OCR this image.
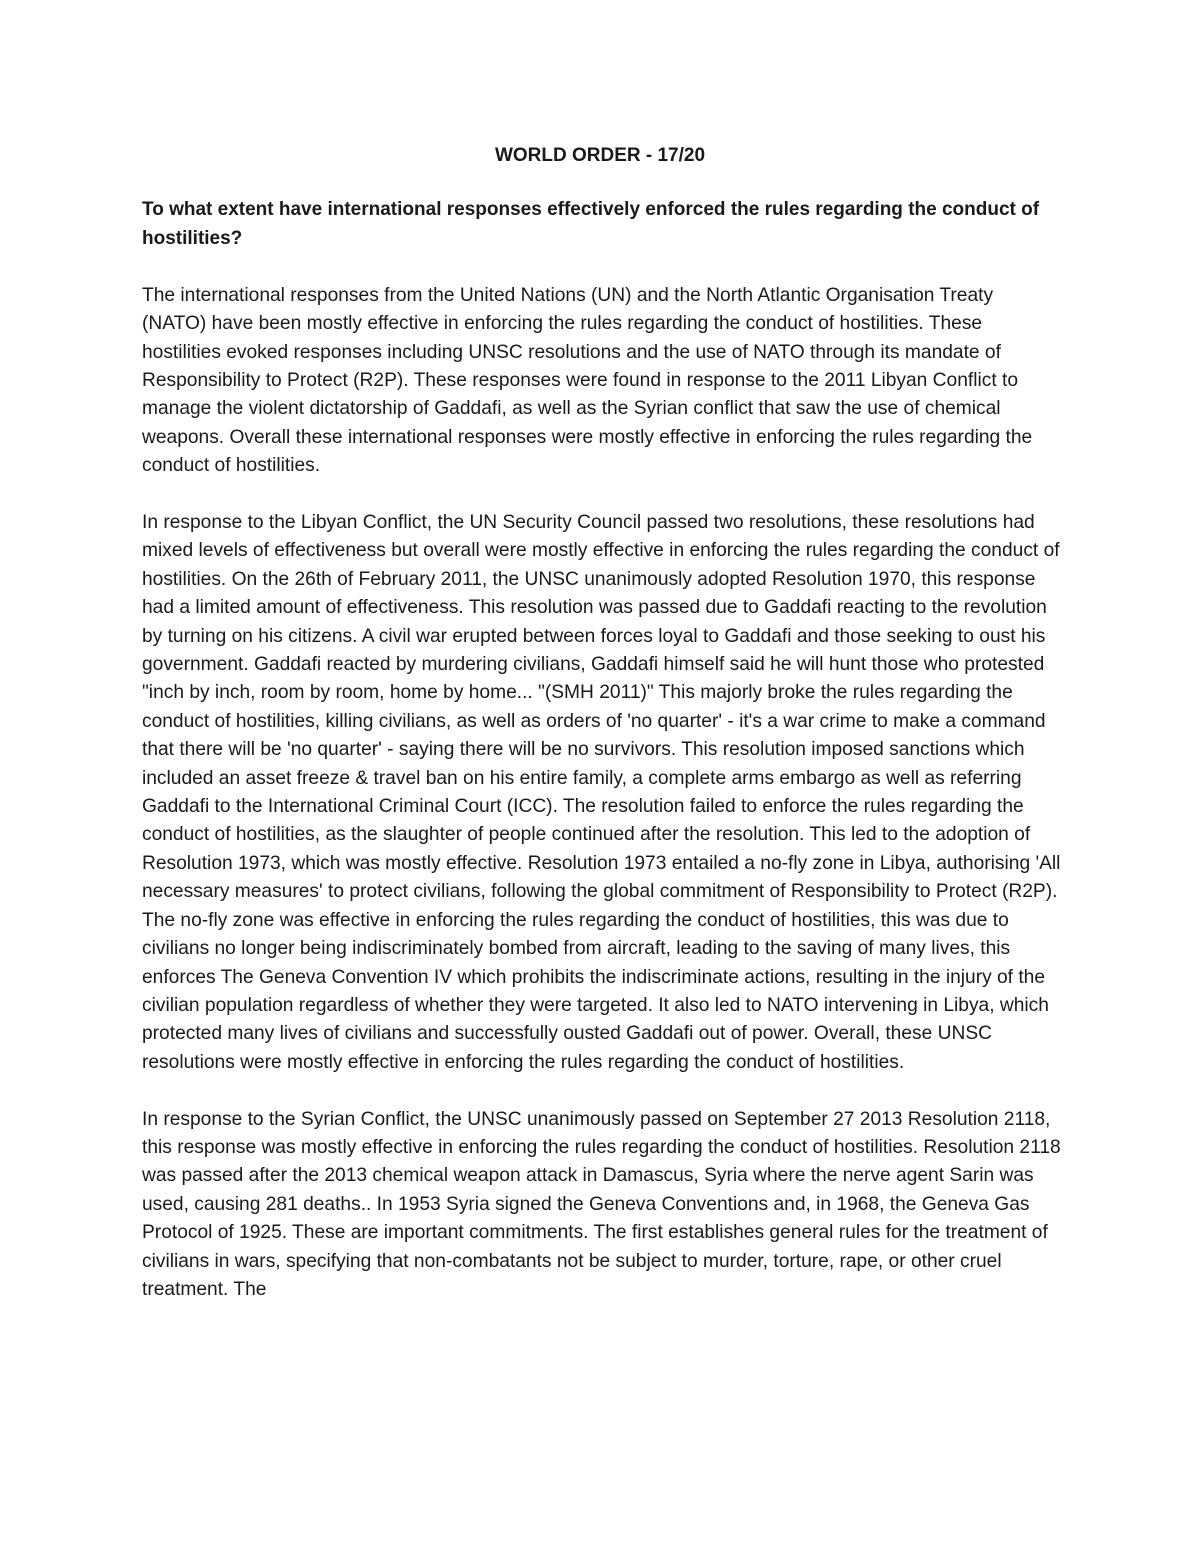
WORLD ORDER - 17/20

To what extent have international responses effectively enforced the rules regarding the conduct of hostilities?

The international responses from the United Nations (UN) and the North Atlantic Organisation Treaty (NATO) have been mostly effective in enforcing the rules regarding the conduct of hostilities. These hostilities evoked responses including UNSC resolutions and the use of NATO through its mandate of Responsibility to Protect (R2P). These responses were found in response to the 2011 Libyan Conflict to manage the violent dictatorship of Gaddafi, as well as the Syrian conflict that saw the use of chemical weapons. Overall these international responses were mostly effective in enforcing the rules regarding the conduct of hostilities.

In response to the Libyan Conflict, the UN Security Council passed two resolutions, these resolutions had mixed levels of effectiveness but overall were mostly effective in enforcing the rules regarding the conduct of hostilities. On the 26th of February 2011, the UNSC unanimously adopted Resolution 1970, this response had a limited amount of effectiveness. This resolution was passed due to Gaddafi reacting to the revolution by turning on his citizens. A civil war erupted between forces loyal to Gaddafi and those seeking to oust his government. Gaddafi reacted by murdering civilians, Gaddafi himself said he will hunt those who protested "inch by inch, room by room, home by home... "(SMH 2011)" This majorly broke the rules regarding the conduct of hostilities, killing civilians, as well as orders of 'no quarter' - it's a war crime to make a command that there will be 'no quarter' - saying there will be no survivors. This resolution imposed sanctions which included an asset freeze & travel ban on his entire family, a complete arms embargo as well as referring Gaddafi to the International Criminal Court (ICC). The resolution failed to enforce the rules regarding the conduct of hostilities, as the slaughter of people continued after the resolution. This led to the adoption of Resolution 1973, which was mostly effective. Resolution 1973 entailed a no-fly zone in Libya, authorising 'All necessary measures' to protect civilians, following the global commitment of Responsibility to Protect (R2P). The no-fly zone was effective in enforcing the rules regarding the conduct of hostilities, this was due to civilians no longer being indiscriminately bombed from aircraft, leading to the saving of many lives, this enforces The Geneva Convention IV which prohibits the indiscriminate actions, resulting in the injury of the civilian population regardless of whether they were targeted. It also led to NATO intervening in Libya, which protected many lives of civilians and successfully ousted Gaddafi out of power. Overall, these UNSC resolutions were mostly effective in enforcing the rules regarding the conduct of hostilities.

In response to the Syrian Conflict, the UNSC unanimously passed on September 27 2013 Resolution 2118, this response was mostly effective in enforcing the rules regarding the conduct of hostilities. Resolution 2118 was passed after the 2013 chemical weapon attack in Damascus, Syria where the nerve agent Sarin was used, causing 281 deaths.. In 1953 Syria signed the Geneva Conventions and, in 1968, the Geneva Gas Protocol of 1925. These are important commitments. The first establishes general rules for the treatment of civilians in wars, specifying that non-combatants not be subject to murder, torture, rape, or other cruel treatment. The
